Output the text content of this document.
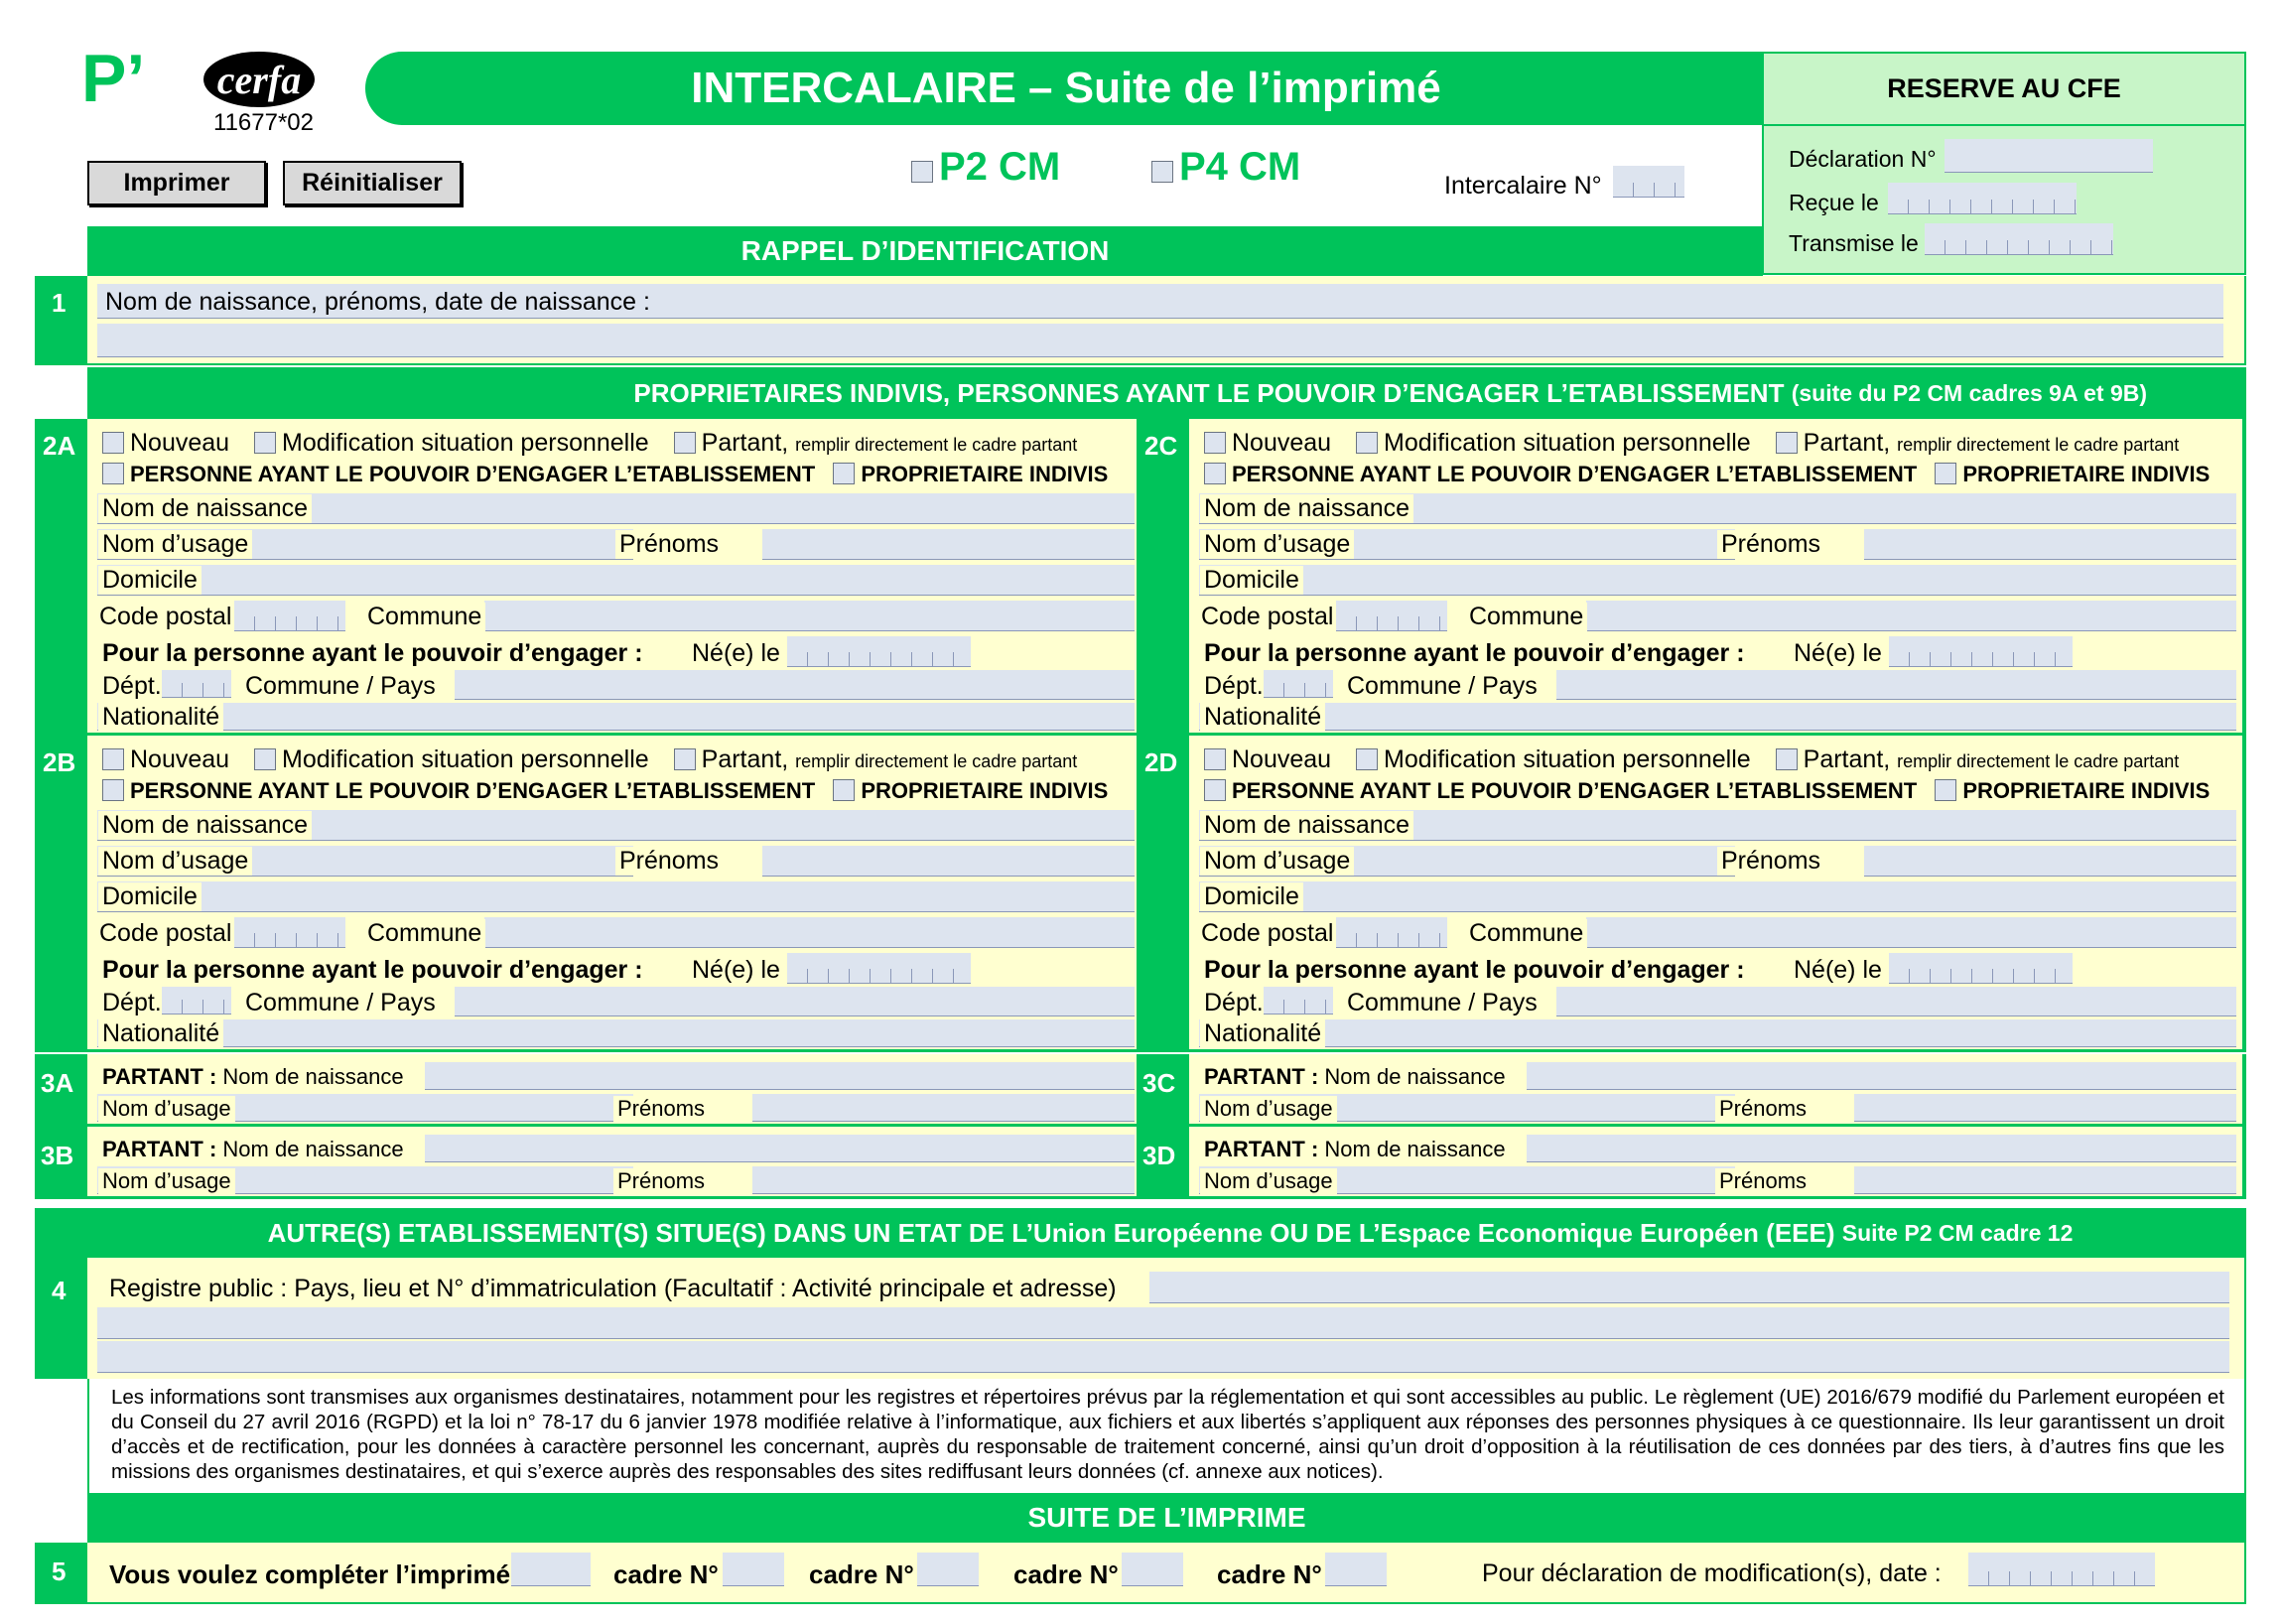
P’ cerfa
11677*02
INTERCALAIRE – Suite de l’imprimé	RESERVE AU CFE
Déclaration N°
Reçue le
Transmise le
Imprimer	Réinitialiser	P2 CM	P4 CM	Intercalaire N°
RAPPEL D’IDENTIFICATION
1 Nom de naissance, prénoms, date de naissance :
PROPRIETAIRES INDIVIS, PERSONNES AYANT LE POUVOIR D’ENGAGER L’ETABLISSEMENT
(suite du P2 CM cadres 9A et 9B)
2A	Nouveau Modification situation personnelle Partant, remplir directement le cadre partant
PERSONNE AYANT LE POUVOIR D’ENGAGER L’ETABLISSEMENT PROPRIETAIRE INDIVIS
Nom de naissance
Nom d’usage	Prénoms
Domicile
Code postal	Commune
Pour la personne ayant le pouvoir d’engager : Né(e) le
Dépt.	Commune / Pays
Nationalité
2B	Nouveau Modification situation personnelle Partant, remplir directement le cadre partant
PERSONNE AYANT LE POUVOIR D’ENGAGER L’ETABLISSEMENT PROPRIETAIRE INDIVIS
Nom de naissance
Nom d’usage	Prénoms
Domicile
Code postal	Commune
Pour la personne ayant le pouvoir d’engager : Né(e) le
Dépt.	Commune / Pays
Nationalité
2C	Nouveau Modification situation personnelle Partant, remplir directement le cadre partant
PERSONNE AYANT LE POUVOIR D’ENGAGER L’ETABLISSEMENT PROPRIETAIRE INDIVIS
Nom de naissance
Nom d’usage	Prénoms
Domicile
Code postal	Commune
Pour la personne ayant le pouvoir d’engager : Né(e) le
Dépt.	Commune / Pays
Nationalité
2D	Nouveau Modification situation personnelle Partant, remplir directement le cadre partant
PERSONNE AYANT LE POUVOIR D’ENGAGER L’ETABLISSEMENT PROPRIETAIRE INDIVIS
Nom de naissance
Nom d’usage	Prénoms
Domicile
Code postal	Commune
Pour la personne ayant le pouvoir d’engager : Né(e) le
Dépt.	Commune / Pays
Nationalité
3A PARTANT : Nom de naissance
Nom d’usage	Prénoms
3B PARTANT : Nom de naissance
Nom d’usage	Prénoms
3C PARTANT : Nom de naissance
Nom d’usage	Prénoms
3D PARTANT : Nom de naissance
Nom d’usage	Prénoms
AUTRE(S) ETABLISSEMENT(S) SITUE(S) DANS UN ETAT DE L’Union Européenne OU DE L’Espace Economique Européen (EEE)
Suite P2 CM cadre 12
4 Registre public : Pays, lieu et N° d’immatriculation (Facultatif : Activité principale et adresse)

Les informations sont transmises aux organismes destinataires, notamment pour les registres et répertoires prévus par la réglementation et qui sont accessibles au public. Le règlement (UE) 2016/679 modifié du Parlement européen et du Conseil du 27 avril 2016 (RGPD) et la loi n° 78-17 du 6 janvier 1978 modifiée relative à l’informatique, aux fichiers et aux libertés s’appliquent aux réponses des personnes physiques à ce questionnaire. Ils leur garantissent un droit d’accès et de rectification, pour les données à caractère personnel les concernant, auprès du responsable de traitement concerné, ainsi qu’un droit d’opposition à la réutilisation de ces données par des tiers, à d’autres fins que les missions des organismes destinataires, et qui s’exerce auprès des responsables des sites rediffusant leurs données (cf. annexe aux notices).

SUITE DE L’IMPRIME
5 Vous voulez compléter l’imprimé	cadre N°	cadre N°	cadre N°	cadre N°	Pour déclaration de modification(s), date :
